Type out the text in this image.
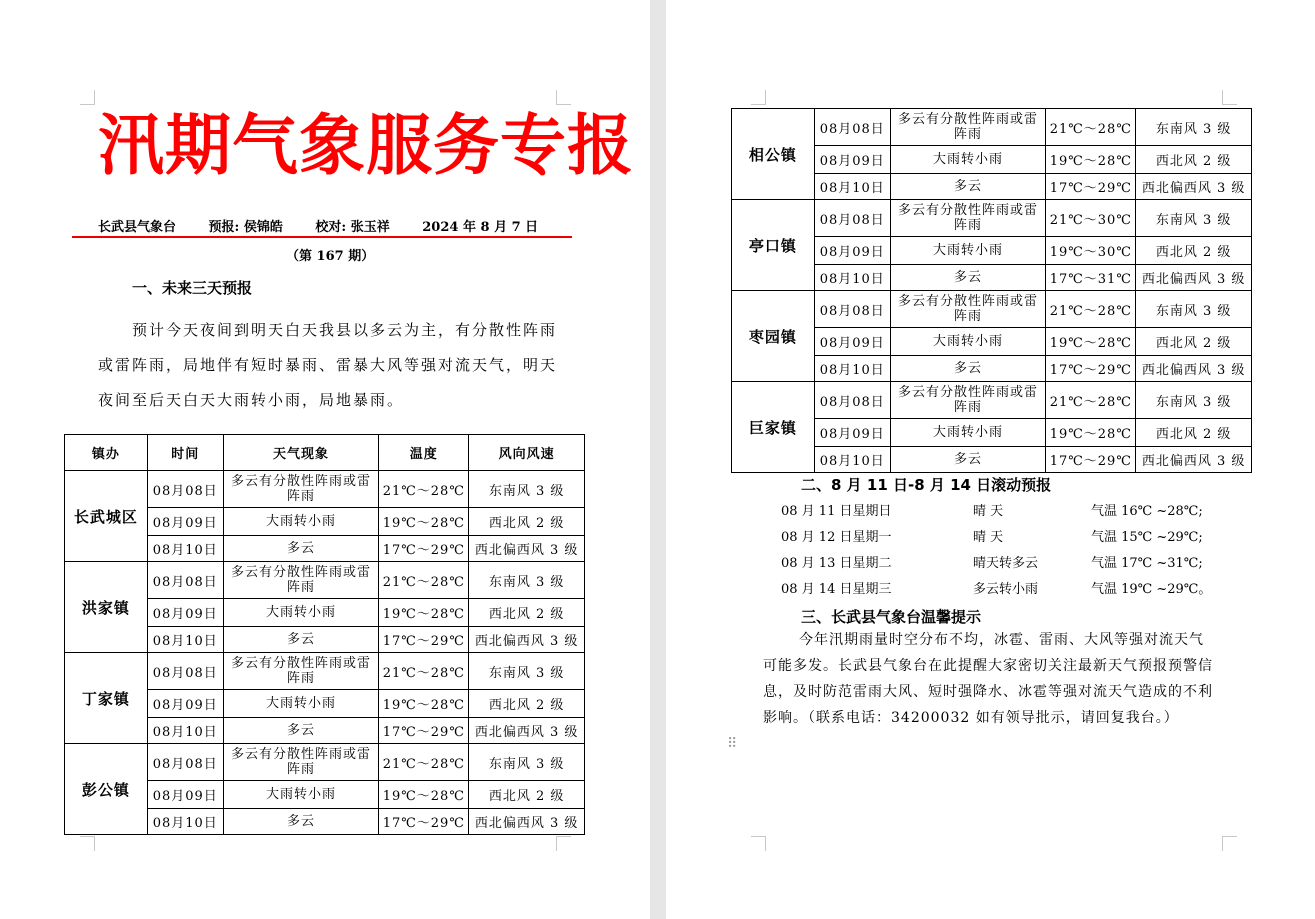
汛期气象服务专报
长武县气象台	预报: 侯锦皓	校对: 张玉祥	2024 年 8 月 7 日
（第 167 期）
一、未来三天预报
预计今天夜间到明天白天我县以多云为主，有分散性阵雨或雷阵雨，局地伴有短时暴雨、雷暴大风等强对流天气，明天夜间至后天白天大雨转小雨，局地暴雨。
镇办	时间	天气现象	温度	风向风速
长武城区	08月08日	多云有分散性阵雨或雷阵雨	21℃～28℃	东南风 3 级
	08月09日	大雨转小雨	19℃～28℃	西北风 2 级
	08月10日	多云	17℃～29℃	西北偏西风 3 级
洪家镇	08月08日	多云有分散性阵雨或雷阵雨	21℃～28℃	东南风 3 级
	08月09日	大雨转小雨	19℃～28℃	西北风 2 级
	08月10日	多云	17℃～29℃	西北偏西风 3 级
丁家镇	08月08日	多云有分散性阵雨或雷阵雨	21℃～28℃	东南风 3 级
	08月09日	大雨转小雨	19℃～28℃	西北风 2 级
	08月10日	多云	17℃～29℃	西北偏西风 3 级
彭公镇	08月08日	多云有分散性阵雨或雷阵雨	21℃～28℃	东南风 3 级
	08月09日	大雨转小雨	19℃～28℃	西北风 2 级
	08月10日	多云	17℃～29℃	西北偏西风 3 级
相公镇	08月08日	多云有分散性阵雨或雷阵雨	21℃～28℃	东南风 3 级
	08月09日	大雨转小雨	19℃～28℃	西北风 2 级
	08月10日	多云	17℃～29℃	西北偏西风 3 级
亭口镇	08月08日	多云有分散性阵雨或雷阵雨	21℃～30℃	东南风 3 级
	08月09日	大雨转小雨	19℃～30℃	西北风 2 级
	08月10日	多云	17℃～31℃	西北偏西风 3 级
枣园镇	08月08日	多云有分散性阵雨或雷阵雨	21℃～28℃	东南风 3 级
	08月09日	大雨转小雨	19℃～28℃	西北风 2 级
	08月10日	多云	17℃～29℃	西北偏西风 3 级
巨家镇	08月08日	多云有分散性阵雨或雷阵雨	21℃～28℃	东南风 3 级
	08月09日	大雨转小雨	19℃～28℃	西北风 2 级
	08月10日	多云	17℃～29℃	西北偏西风 3 级
二、8 月 11 日-8 月 14 日滚动预报
08 月 11 日星期日	晴 天	气温 16℃ ~28℃;
08 月 12 日星期一	晴 天	气温 15℃ ~29℃;
08 月 13 日星期二	晴天转多云	气温 17℃ ~31℃;
08 月 14 日星期三	多云转小雨	气温 19℃ ~29℃。
三、长武县气象台温馨提示
今年汛期雨量时空分布不均，冰雹、雷雨、大风等强对流天气可能多发。长武县气象台在此提醒大家密切关注最新天气预报预警信息，及时防范雷雨大风、短时强降水、冰雹等强对流天气造成的不利影响。（联系电话：34200032 如有领导批示，请回复我台。）
⠿
